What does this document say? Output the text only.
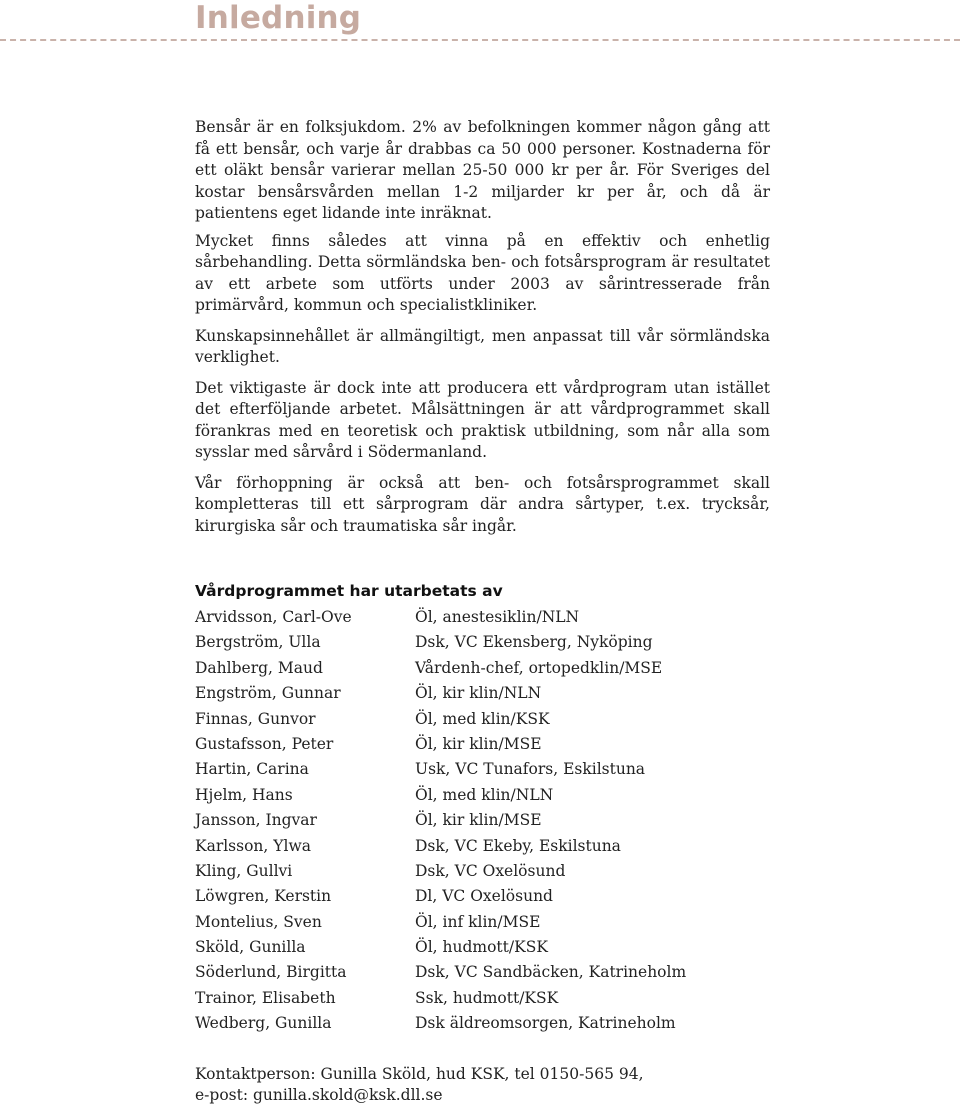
Inledning

Bensår är en folksjukdom. 2% av befolkningen kommer någon gång att få ett bensår, och varje år drabbas ca 50 000 personer. Kostnaderna för ett oläkt bensår varierar mellan 25-50 000 kr per år. För Sveriges del kostar bensårsvården mellan 1-2 miljarder kr per år, och då är patientens eget lidande inte inräknat.

Mycket finns således att vinna på en effektiv och enhetlig sårbehandling. Detta sörmländska ben- och fotsårsprogram är resultatet av ett arbete som utförts under 2003 av sårintresserade från primärvård, kommun och specialistkliniker.

Kunskapsinnehållet är allmängiltigt, men anpassat till vår sörmländska verklighet.

Det viktigaste är dock inte att producera ett vårdprogram utan istället det efterföljande arbetet. Målsättningen är att vårdprogrammet skall förankras med en teoretisk och praktisk utbildning, som når alla som sysslar med sårvård i Södermanland.

Vår förhoppning är också att ben- och fotsårsprogrammet skall kompletteras till ett sårprogram där andra sårtyper, t.ex. trycksår, kirurgiska sår och traumatiska sår ingår.

Vårdprogrammet har utarbetats av
Arvidsson, Carl-Ove	Öl, anestesiklin/NLN
Bergström, Ulla	Dsk, VC Ekensberg, Nyköping
Dahlberg, Maud	Vårdenh-chef, ortopedklin/MSE
Engström, Gunnar	Öl, kir klin/NLN
Finnas, Gunvor	Öl, med klin/KSK
Gustafsson, Peter	Öl, kir klin/MSE
Hartin, Carina	Usk, VC Tunafors, Eskilstuna
Hjelm, Hans	Öl, med klin/NLN
Jansson, Ingvar	Öl, kir klin/MSE
Karlsson, Ylwa	Dsk, VC Ekeby, Eskilstuna
Kling, Gullvi	Dsk, VC Oxelösund
Löwgren, Kerstin	Dl, VC Oxelösund
Montelius, Sven	Öl, inf klin/MSE
Sköld, Gunilla	Öl, hudmott/KSK
Söderlund, Birgitta	Dsk, VC Sandbäcken, Katrineholm
Trainor, Elisabeth	Ssk, hudmott/KSK
Wedberg, Gunilla	Dsk äldreomsorgen, Katrineholm
Kontaktperson: Gunilla Sköld, hud KSK, tel 0150-565 94,
e-post: gunilla.skold@ksk.dll.se
